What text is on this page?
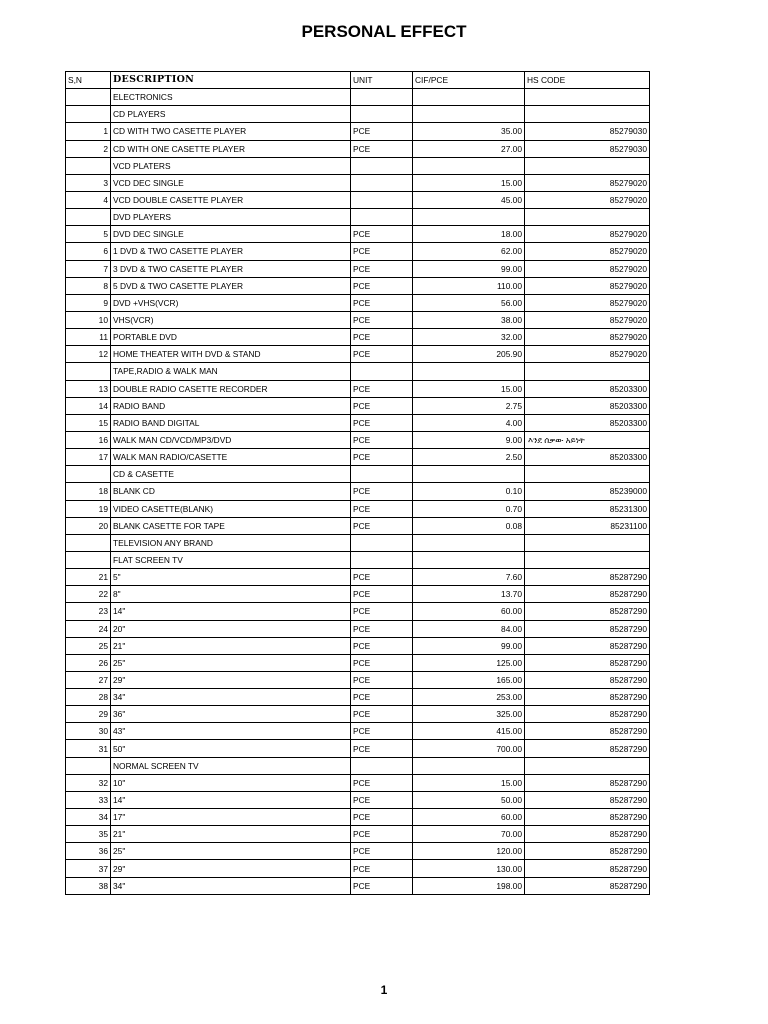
PERSONAL EFFECT
S,N	DESCRIPTION	UNIT	CIF/PCE	HS CODE
	ELECTRONICS			
	CD PLAYERS			
1	CD WITH TWO CASETTE PLAYER	PCE	35.00	85279030
2	CD WITH ONE CASETTE PLAYER	PCE	27.00	85279030
	VCD PLATERS			
3	VCD DEC SINGLE		15.00	85279020
4	VCD DOUBLE CASETTE PLAYER		45.00	85279020
	DVD PLAYERS			
5	DVD DEC SINGLE	PCE	18.00	85279020
6	1 DVD & TWO CASETTE PLAYER	PCE	62.00	85279020
7	3 DVD & TWO CASETTE PLAYER	PCE	99.00	85279020
8	5 DVD & TWO CASETTE PLAYER	PCE	110.00	85279020
9	DVD +VHS(VCR)	PCE	56.00	85279020
10	VHS(VCR)	PCE	38.00	85279020
11	PORTABLE DVD	PCE	32.00	85279020
12	HOME THEATER WITH DVD & STAND	PCE	205.90	85279020
	TAPE,RADIO & WALK MAN			
13	DOUBLE RADIO CASETTE RECORDER	PCE	15.00	85203300
14	RADIO BAND	PCE	2.75	85203300
15	RADIO BAND DIGITAL	PCE	4.00	85203300
16	WALK MAN CD/VCD/MP3/DVD	PCE	9.00	እንደ ሰቃው አይነት
17	WALK MAN RADIO/CASETTE	PCE	2.50	85203300
	CD & CASETTE			
18	BLANK CD	PCE	0.10	85239000
19	VIDEO CASETTE(BLANK)	PCE	0.70	85231300
20	BLANK CASETTE FOR TAPE	PCE	0.08	85231100
	TELEVISION ANY BRAND			
	FLAT SCREEN TV			
21	5"	PCE	7.60	85287290
22	8"	PCE	13.70	85287290
23	14"	PCE	60.00	85287290
24	20"	PCE	84.00	85287290
25	21"	PCE	99.00	85287290
26	25"	PCE	125.00	85287290
27	29"	PCE	165.00	85287290
28	34"	PCE	253.00	85287290
29	36"	PCE	325.00	85287290
30	43"	PCE	415.00	85287290
31	50"	PCE	700.00	85287290
	NORMAL SCREEN TV			
32	10"	PCE	15.00	85287290
33	14"	PCE	50.00	85287290
34	17"	PCE	60.00	85287290
35	21"	PCE	70.00	85287290
36	25"	PCE	120.00	85287290
37	29"	PCE	130.00	85287290
38	34"	PCE	198.00	85287290
1
